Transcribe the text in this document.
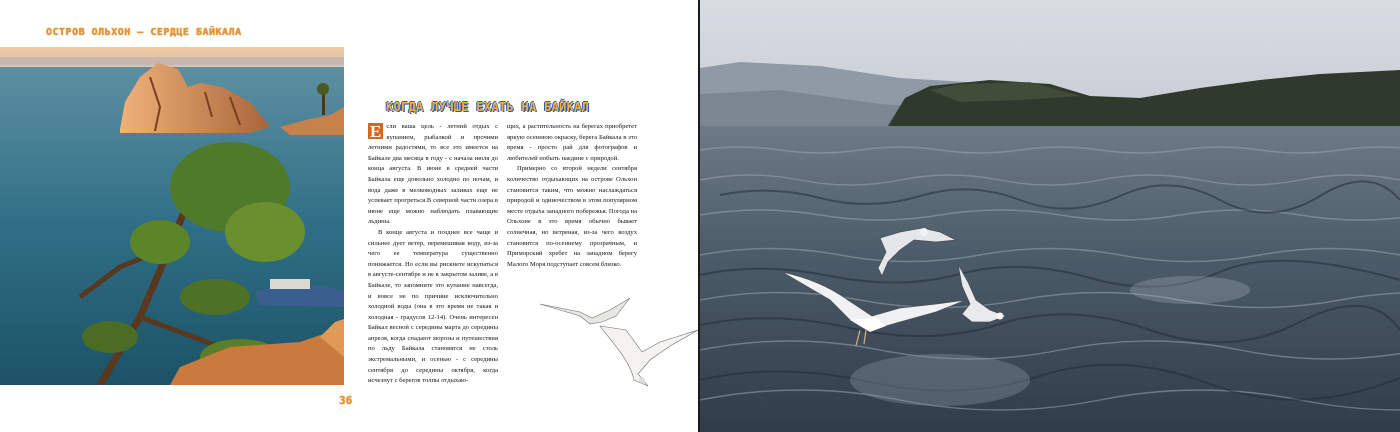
ОСТРОВ ОЛЬХОН — СЕРДЦЕ БАЙКАЛА
КОГДА ЛУЧШЕ ЕХАТЬ НА БАЙКАЛ

Е сли ваша цель - летний отдых с купанием, рыбалкой и прочими летними радостями, то все это имеется на Байкале два месяца в году - с начала июля до конца августа. В июне в средней части Байкала еще довольно холодно по ночам, и вода даже в мелководных заливах еще не успевает прогреться.В северной части озера в июне еще можно наблюдать плавающие льдины.

В конце августа и позднее все чаще и сильнее дует ветер, перемешивая воду, из-за чего ее температура существенно понижается. Но если вы рискнете искупаться в августе-сентябре и не в закрытом заливе, а в Байкале, то запомните это купание навсегда, и вовсе не по причине исключительно холодной воды (она в это время не такая и холодная - градусов 12-14). Очень интересен Байкал весной с середины марта до середины апреля, когда спадают морозы и путешествия по льду Байкала становятся не столь экстремальными, и осенью - с середины сентября до середины октября, когда исчезнут с берегов толпы отдыхаю-

щих, а растительность на берегах приобретет яркую осеннюю окраску, берега Байкала в это время - просто рай для фотографов и любителей побыть наедине с природой.

Примерно со второй недели сентября количество отдыхающих на острове Ольхон становится таким, что можно наслаждаться природой и одиночеством в этом популярном месте отдыха западного побережья. Погода на Ольхоне в это время обычно бывает солнечная, но ветреная, из-за чего воздух становится по-осеннему прозрачным, и Приморский хребет на западном берегу Малого Моря подступает совсем близко.

36
